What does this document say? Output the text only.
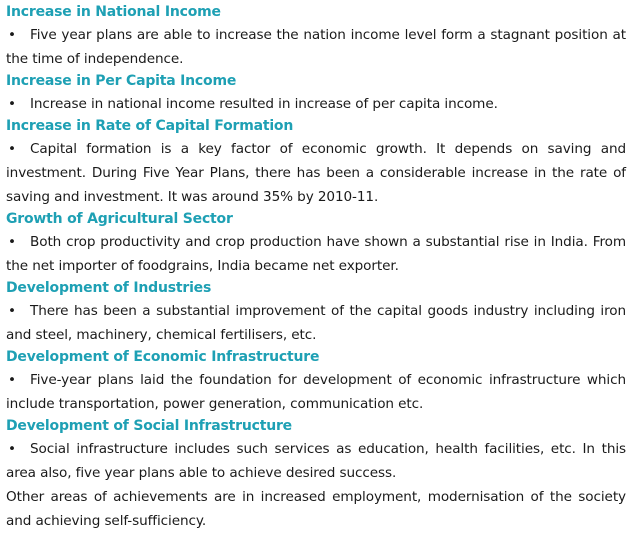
Increase in National Income

• Five year plans are able to increase the nation income level form a stagnant position at the time of independence.

Increase in Per Capita Income

• Increase in national income resulted in increase of per capita income.

Increase in Rate of Capital Formation

• Capital formation is a key factor of economic growth. It depends on saving and investment. During Five Year Plans, there has been a considerable increase in the rate of saving and investment. It was around 35% by 2010-11.

Growth of Agricultural Sector

• Both crop productivity and crop production have shown a substantial rise in India. From the net importer of foodgrains, India became net exporter.

Development of Industries

• There has been a substantial improvement of the capital goods industry including iron and steel, machinery, chemical fertilisers, etc.

Development of Economic Infrastructure

• Five-year plans laid the foundation for development of economic infrastructure which include transportation, power generation, communication etc.

Development of Social Infrastructure

• Social infrastructure includes such services as education, health facilities, etc. In this area also, five year plans able to achieve desired success.

Other areas of achievements are in increased employment, modernisation of the society and achieving self-sufficiency.
